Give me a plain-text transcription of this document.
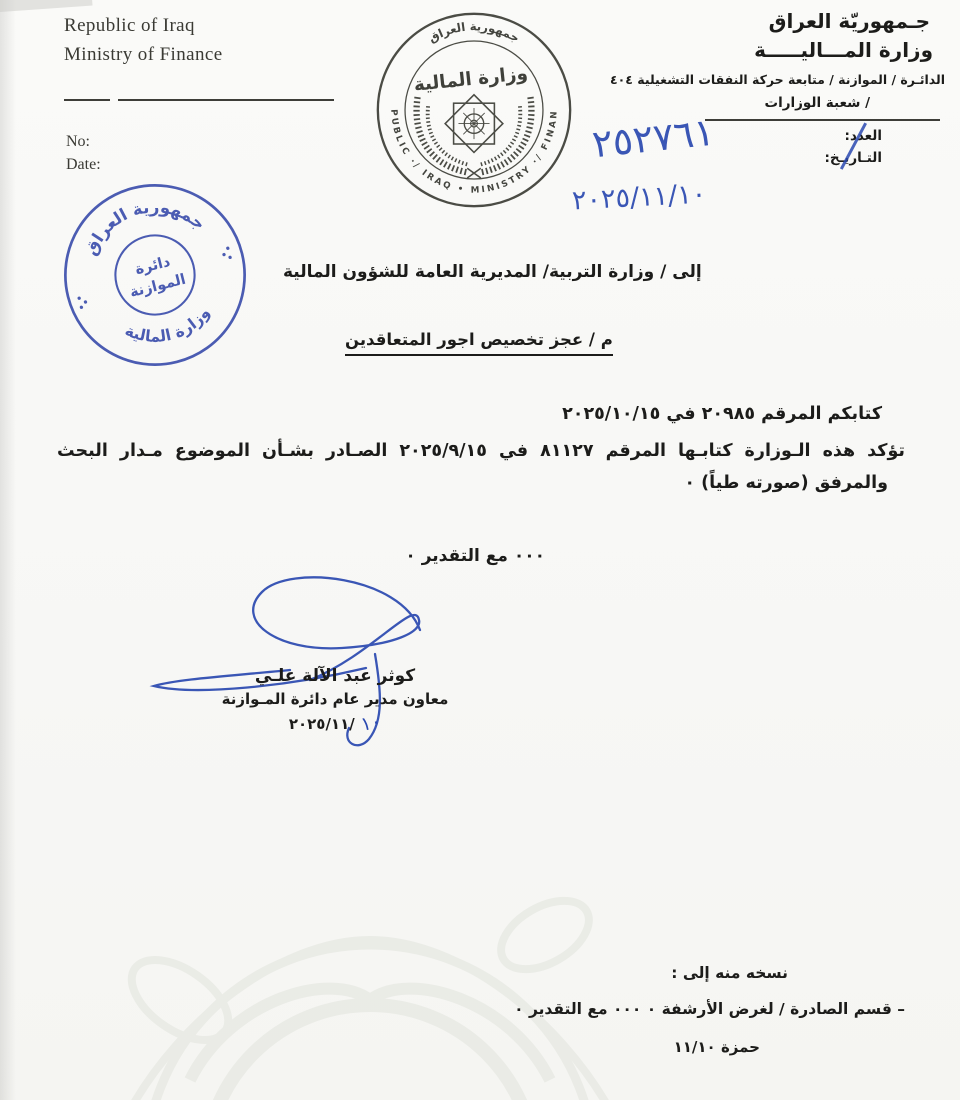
Republic of Iraq
Ministry of Finance
No:
Date:
جمهورية العراق
REPUBLIC ·/ IRAQ • MINISTRY ·/ FINANCE
وزارة المالية
جـمهوريّة العراق
وزارة المـــاليـــــة
الدائـرة / الموازنة / متابعة حركة النفقات التشغيلية ٤٠٤
/ شعبة الوزارات
العدد:
التـاريـخ:
٢٥٢٧٦١
٢٠٢٥/١١/١٠
جمهورية العراق
وزارة المالية
دائرة
الموازنة	إلى / وزارة التربية/ المديرية العامة للشؤون المالية
م / عجز تخصيص اجور المتعاقدين
كتابكم المرقم ٢٠٩٨٥ في ٢٠٢٥/١٠/١٥
تؤكد هذه الـوزارة كتابـها المرقم ٨١١٢٧ في ٢٠٢٥/٩/١٥ الصـادر بشـأن الموضوع مـدار البحث
والمرفق (صورته طياً) ٠
٠٠٠ مع التقدير ٠
كوثر عبد الآلة علـي
معاون مدير عام دائرة المـوازنة
٢٠٢٥/١١/ ١٠
نسخه منه إلى :
– قسم الصادرة / لغرض الأرشفة ٠ ٠٠٠ مع التقدير ٠
حمزة ١١/١٠
